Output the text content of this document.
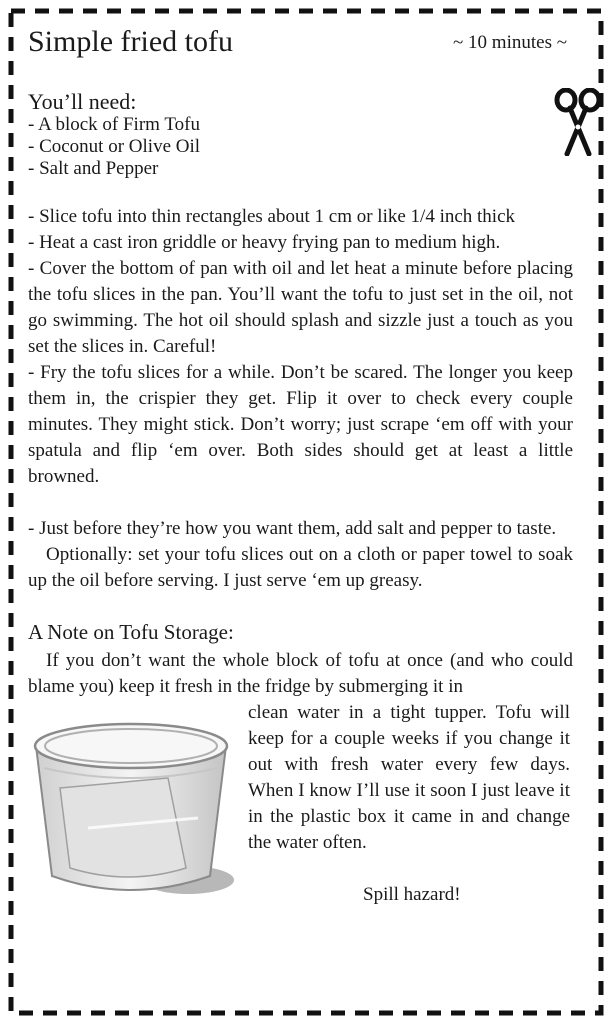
Simple fried tofu	~ 10 minutes ~
You’ll need:
- A block of Firm Tofu
- Coconut or Olive Oil
- Salt and Pepper

- Slice tofu into thin rectangles about 1 cm or like 1/4 inch thick

- Heat a cast iron griddle or heavy frying pan to medium high.

- Cover the bottom of pan with oil and let heat a minute before placing the tofu slices in the pan. You’ll want the tofu to just set in the oil, not go swimming. The hot oil should splash and sizzle just a touch as you set the slices in. Careful!

- Fry the tofu slices for a while. Don’t be scared. The longer you keep them in, the crispier they get. Flip it over to check every couple minutes. They might stick. Don’t worry; just scrape ‘em off with your spatula and flip ‘em over. Both sides should get at least a little browned.

- Just before they’re how you want them, add salt and pepper to taste.

Optionally: set your tofu slices out on a cloth or paper towel to soak up the oil before serving. I just serve ‘em up greasy.

A Note on Tofu Storage:

If you don’t want the whole block of tofu at once (and who could blame you) keep it fresh in the fridge by submerging it in

clean water in a tight tupper. Tofu will keep for a couple weeks if you change it out with fresh water every few days. When I know I’ll use it soon I just leave it in the plastic box it came in and change the water often.

Spill hazard!
